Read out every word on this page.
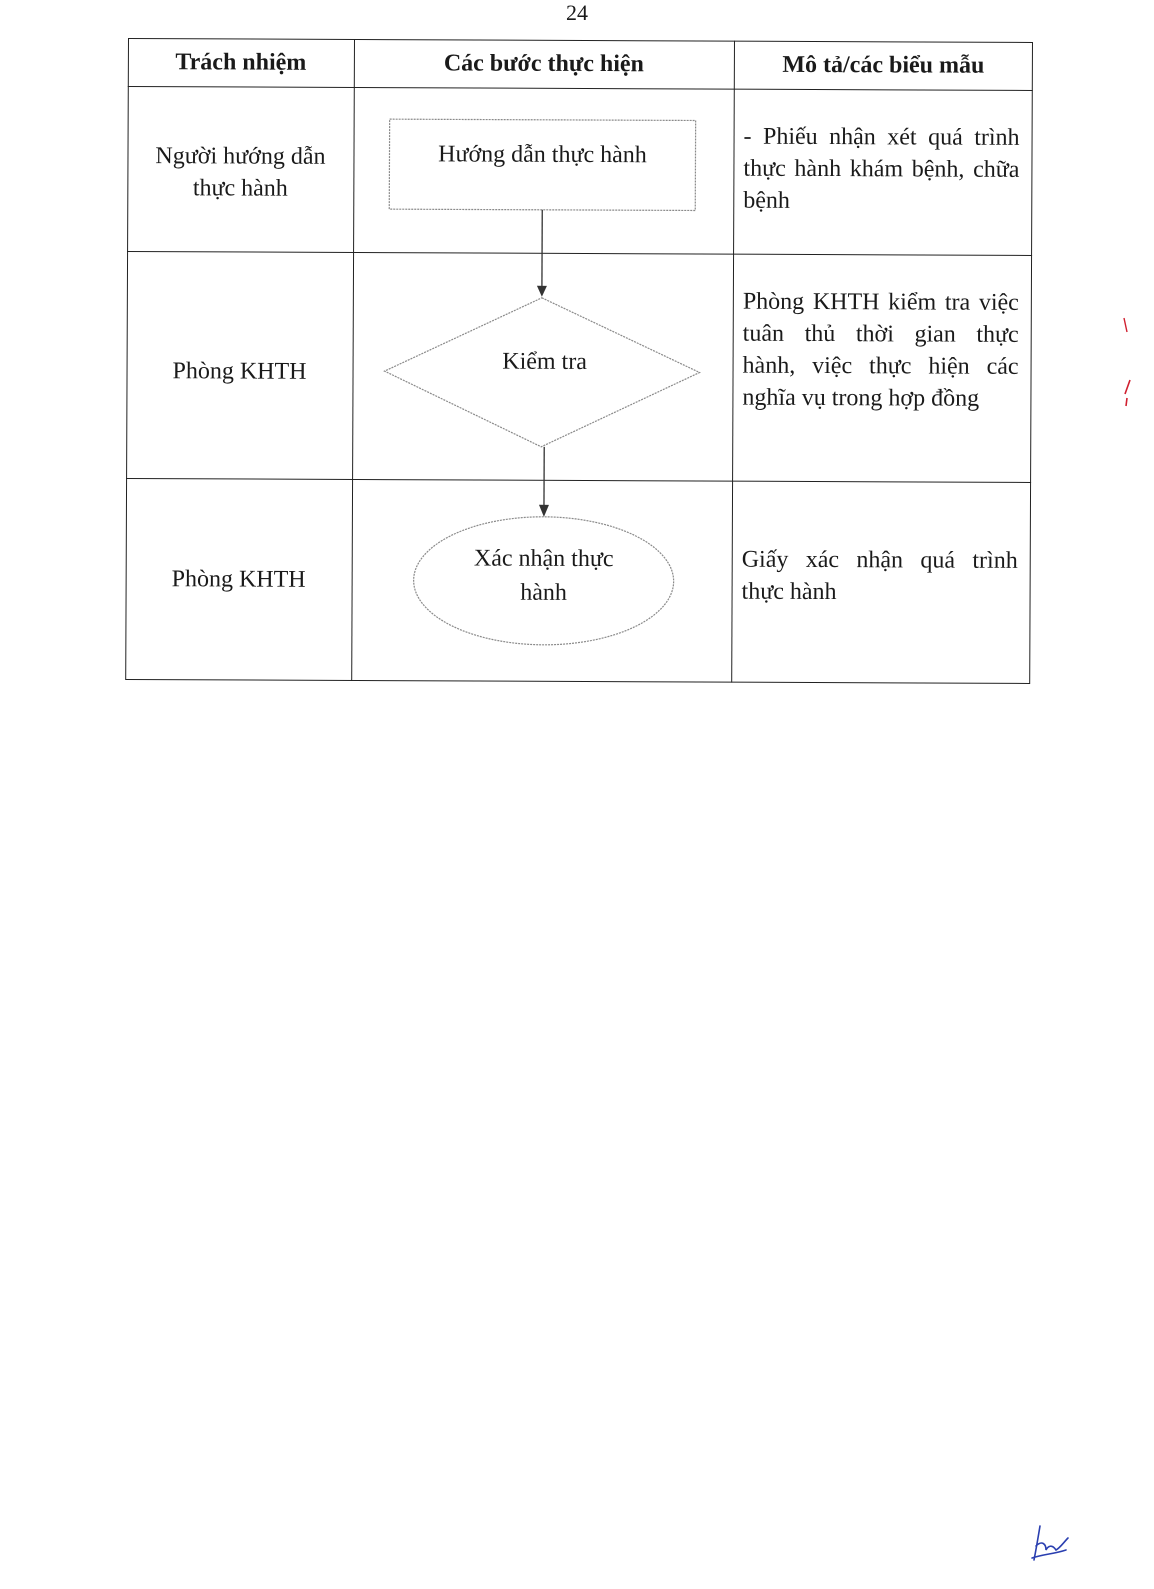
24
Trách nhiệm	Các bước thực hiện	Mô tả/các biểu mẫu
Người hướng dẫn thực hành
Phòng KHTH
Phòng KHTH
Hướng dẫn thực hành
Kiểm tra
Xác nhận thực hành
- Phiếu nhận xét quá trình thực hành khám bệnh, chữa bệnh
Phòng KHTH kiểm tra việc tuân thủ thời gian thực hành, việc thực hiện các nghĩa vụ trong hợp đồng
Giấy xác nhận quá trình thực hành
